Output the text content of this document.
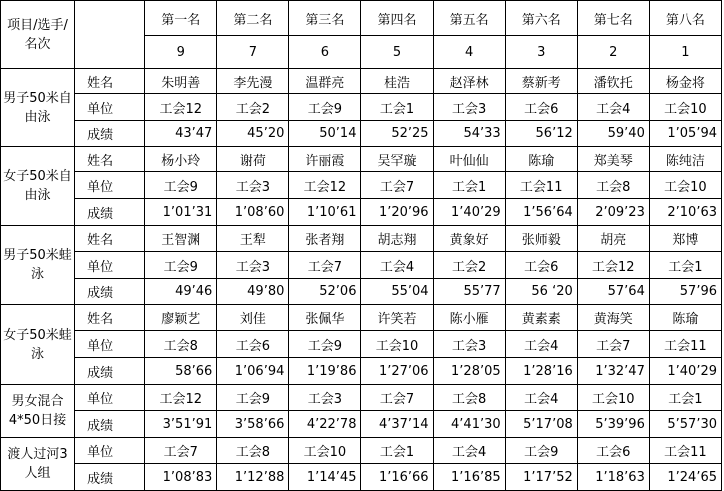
项目/选手/名次		第一名	第二名	第三名	第四名	第五名	第六名	第七名	第八名
		9	7	6	5	4	3	2	1
男子50米自由泳	姓名	朱明善	李先漫	温群亮	桂浩	赵泽林	蔡新考	潘钦托	杨金将
	单位	工会12	工会2	工会9	工会1	工会3	工会6	工会4	工会10
	成绩	43’47	45’20	50’14	52’25	54’33	56’12	59’40	1’05’94
女子50米自由泳	姓名	杨小玲	谢荷	许丽霞	吴罕璇	叶仙仙	陈瑜	郑美琴	陈纯洁
	单位	工会9	工会3	工会12	工会7	工会1	工会11	工会8	工会10
	成绩	1’01’31	1’08’60	1’10’61	1’20’96	1’40’29	1’56’64	2’09’23	2’10’63
男子50米蛙泳	姓名	王智渊	王犁	张者翔	胡志翔	黄象好	张师毅	胡亮	郑博
	单位	工会9	工会3	工会7	工会4	工会2	工会6	工会12	工会1
	成绩	49’46	49’80	52’06	55’04	55’77	56 ‘20	57’64	57’96
女子50米蛙泳	姓名	廖颖艺	刘佳	张佩华	许笑若	陈小雁	黄素素	黄海笑	陈瑜
	单位	工会8	工会6	工会9	工会10	工会3	工会4	工会7	工会11
	成绩	58’66	1’06’94	1’19’86	1’27’06	1’28’05	1’28’16	1’32’47	1’40’29
男女混合4*50日接	单位	工会12	工会9	工会3	工会7	工会8	工会4	工会10	工会1
	成绩	3’51’91	3’58’66	4’22’78	4’37’14	4’41’30	5’17’08	5’39’96	5’57’30
渡人过河3人组	单位	工会7	工会8	工会10	工会1	工会4	工会9	工会6	工会11
	成绩	1’08’83	1’12’88	1’14’45	1’16’66	1’16’85	1’17’52	1’18’63	1’24’65
